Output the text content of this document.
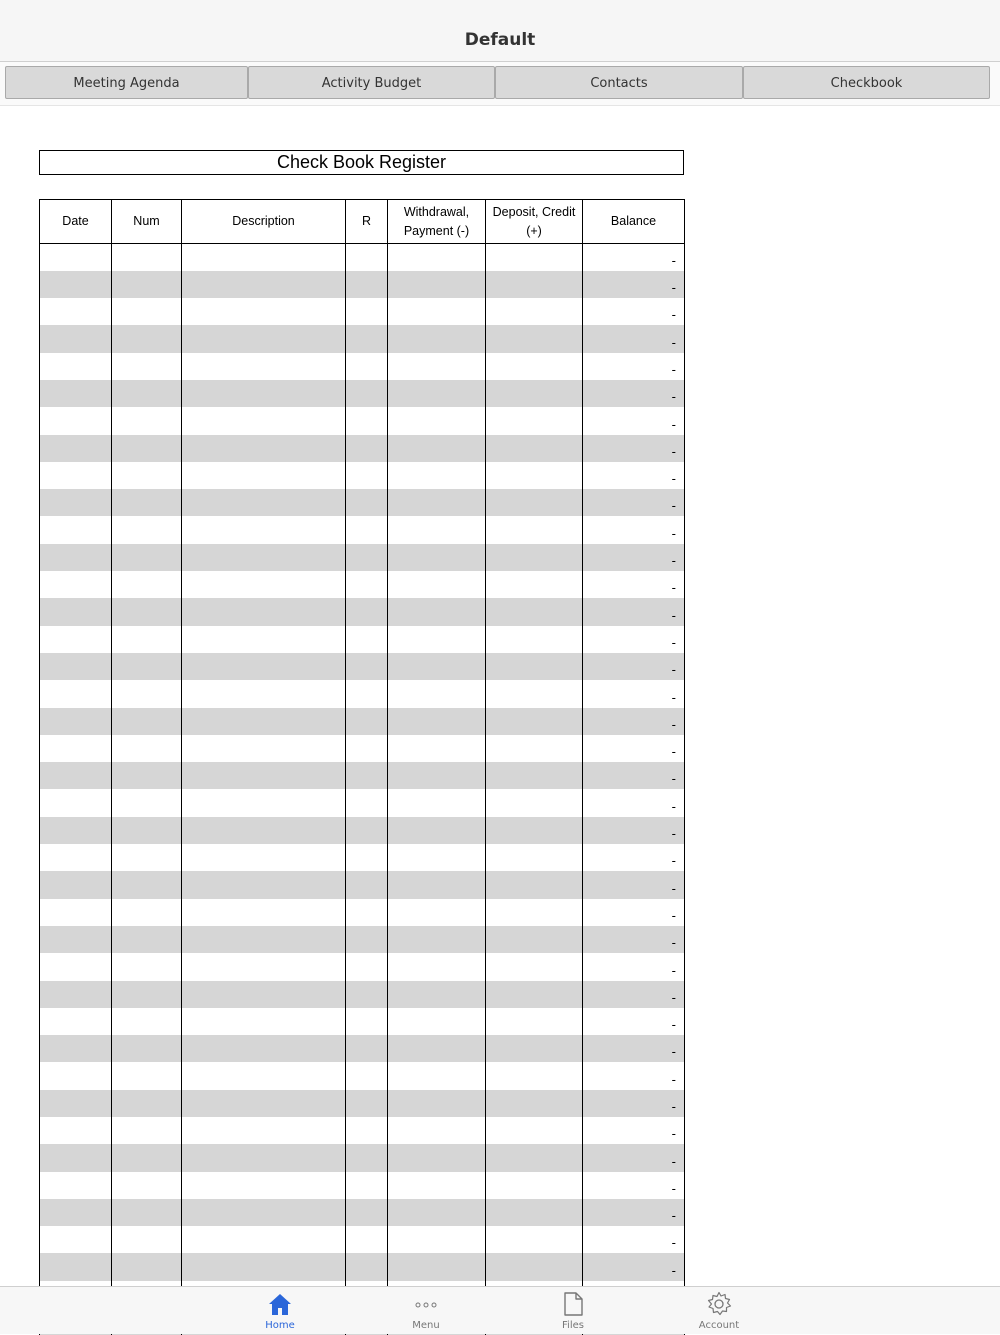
Default
Meeting Agenda	Activity Budget	Contacts	Checkbook
Check Book Register
Date	Num	Description	R	Withdrawal, Payment (-)	Deposit, Credit (+)	Balance
						-
						-
						-
						-
						-
						-
						-
						-
						-
						-
						-
						-
						-
						-
						-
						-
						-
						-
						-
						-
						-
						-
						-
						-
						-
						-
						-
						-
						-
						-
						-
						-
						-
						-
						-
						-
						-
						-

Home	Menu	Files	Account
